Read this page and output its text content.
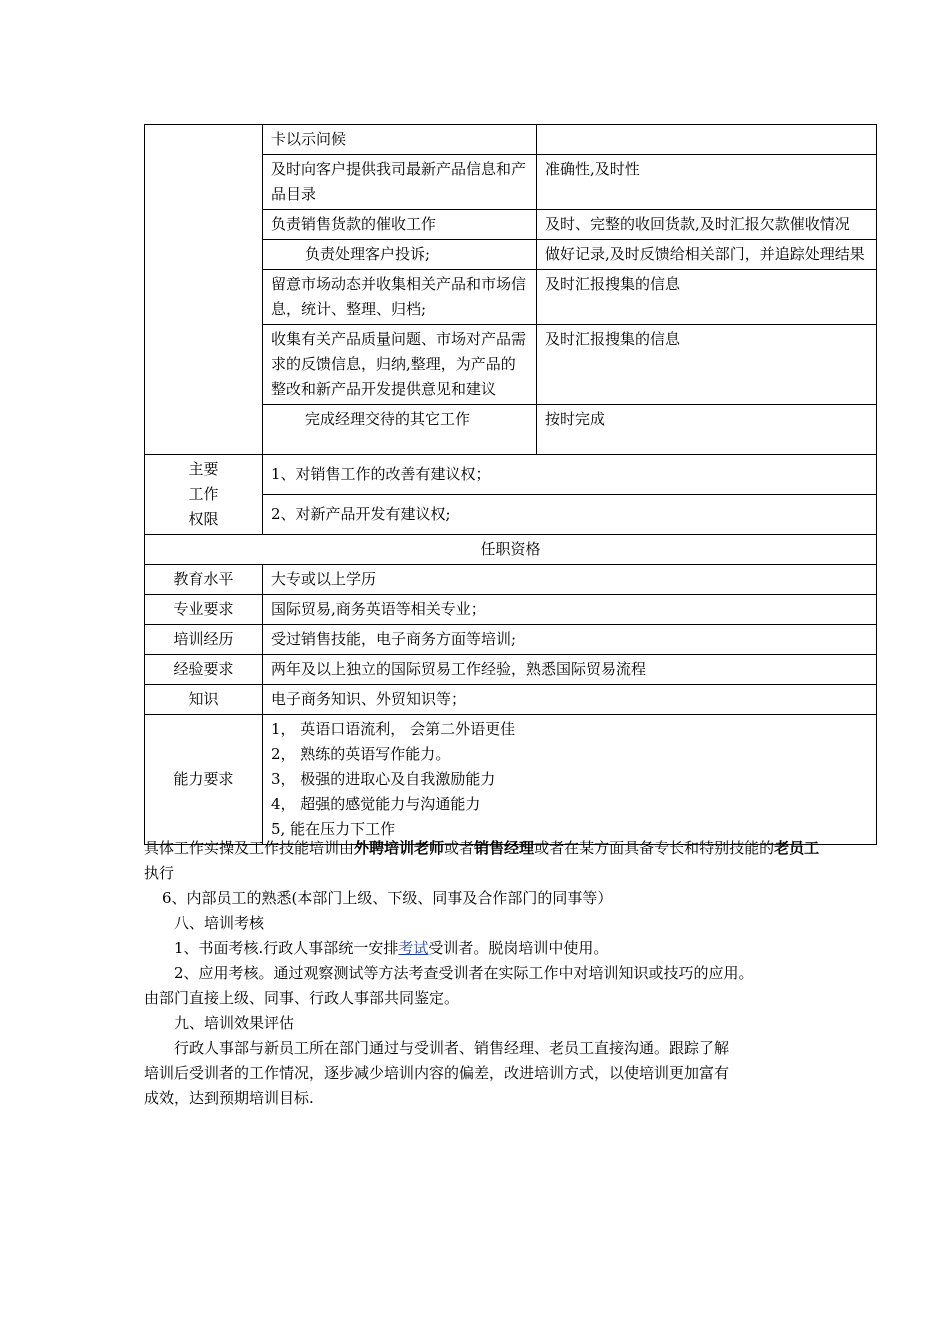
	卡以示问候	
	及时向客户提供我司最新产品信息和产品目录	准确性,及时性
	负责销售货款的催收工作	及时、完整的收回货款,及时汇报欠款催收情况
	负责处理客户投诉;	做好记录,及时反馈给相关部门，并追踪处理结果
	留意市场动态并收集相关产品和市场信息，统计、整理、归档;	及时汇报搜集的信息
	收集有关产品质量问题、市场对产品需求的反馈信息，归纳,整理，为产品的整改和新产品开发提供意见和建议	及时汇报搜集的信息
	完成经理交待的其它工作	按时完成

主要
工作
权限	1、对销售工作的改善有建议权；	
	2、对新产品开发有建议权;	
任职资格		
教育水平	大专或以上学历	
专业要求	国际贸易,商务英语等相关专业；	
培训经历	受过销售技能，电子商务方面等培训;	
经验要求	两年及以上独立的国际贸易工作经验，熟悉国际贸易流程	
知识	电子商务知识、外贸知识等；	
能力要求	1， 英语口语流利， 会第二外语更佳
2， 熟练的英语写作能力。
3， 极强的进取心及自我激励能力
4， 超强的感觉能力与沟通能力
5, 能在压力下工作	

具体工作实操及工作技能培训由外聘培训老师或者销售经理或者在某方面具备专长和特别技能的老员工执行

6、内部员工的熟悉(本部门上级、下级、同事及合作部门的同事等）

八、培训考核

1、书面考核.行政人事部统一安排考试受训者。脱岗培训中使用。

2、应用考核。通过观察测试等方法考查受训者在实际工作中对培训知识或技巧的应用。

由部门直接上级、同事、行政人事部共同鉴定。

九、培训效果评估

行政人事部与新员工所在部门通过与受训者、销售经理、老员工直接沟通。跟踪了解

培训后受训者的工作情况，逐步减少培训内容的偏差，改进培训方式，以使培训更加富有

成效，达到预期培训目标.
